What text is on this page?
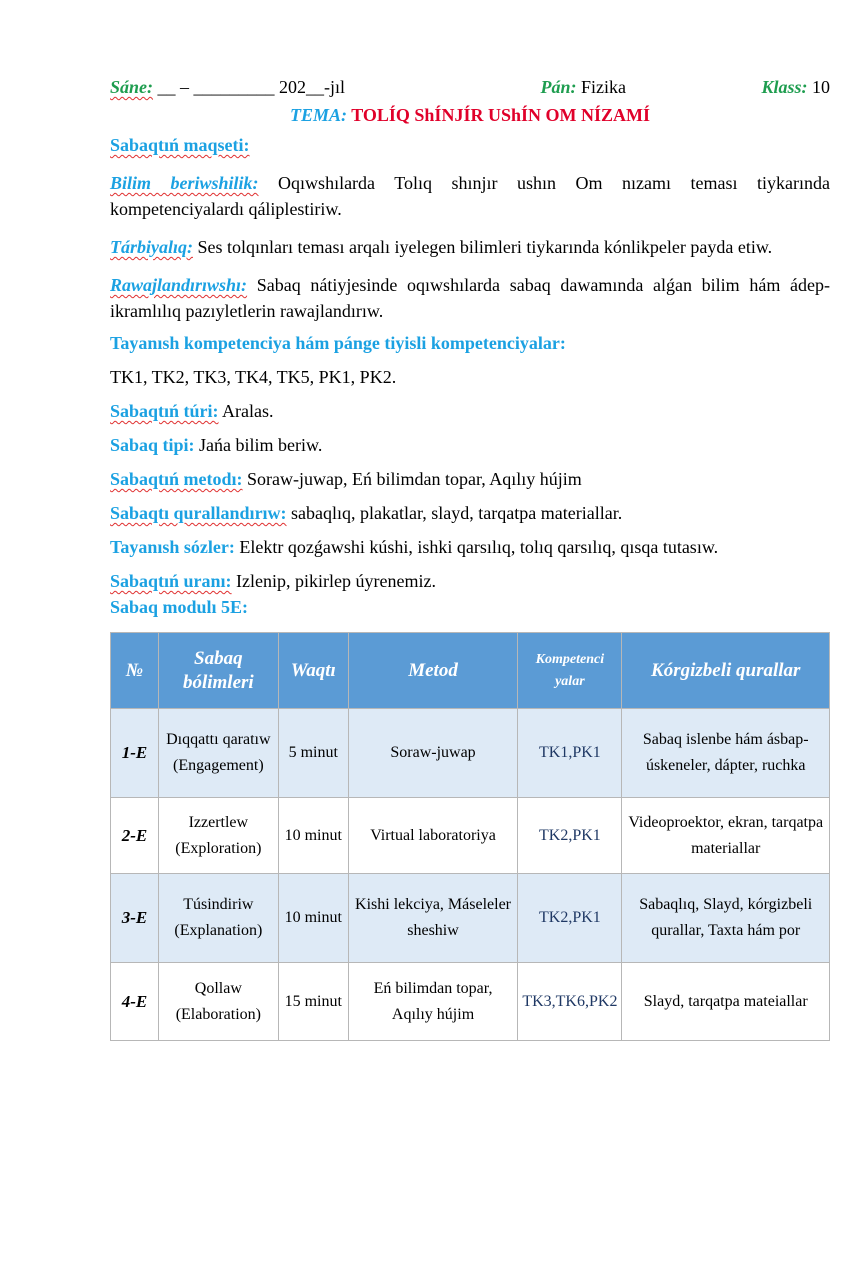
Sáne: __ – _________ 202__-jıl	Pán: Fizika	Klass: 10
TEMA: TOLÍQ ShÍNJÍR UShÍN OM NÍZAMÍ

Sabaqtıń maqseti:

Bilim beriwshilik: Oqıwshılarda Tolıq shınjır ushın Om nızamı teması tiykarında kompetenciyalardı qáliplestiriw.

Tárbiyalıq: Ses tolqınları teması arqalı iyelegen bilimleri tiykarında kónlikpeler payda etiw.

Rawajlandırıwshı: Sabaq nátiyjesinde oqıwshılarda sabaq dawamında alǵan bilim hám ádep-ikramlılıq pazıyletlerin rawajlandırıw.

Tayanısh kompetenciya hám pánge tiyisli kompetenciyalar:

TK1, TK2, TK3, TK4, TK5, PK1, PK2.

Sabaqtıń túri: Aralas.

Sabaq tipi: Jańa bilim beriw.

Sabaqtıń metodı: Soraw-juwap, Eń bilimdan topar, Aqılıy hújim

Sabaqtı qurallandırıw: sabaqlıq, plakatlar, slayd, tarqatpa materiallar.

Tayanısh sózler: Elektr qozǵawshi kúshi, ishki qarsılıq, tolıq qarsılıq, qısqa tutasıw.

Sabaqtıń uranı: Izlenip, pikirlep úyrenemiz.

Sabaq modulı 5E:

№	Sabaq bólimleri	Waqtı	Metod	Kompetenci yalar	Kórgizbeli qurallar
1-E	Dıqqattı qaratıw (Engagement)	5 minut	Soraw-juwap	TK1,PK1	Sabaq islenbe hám ásbap-úskeneler, dápter, ruchka
2-E	Izzertlew (Exploration)	10 minut	Virtual laboratoriya	TK2,PK1	Videoproektor, ekran, tarqatpa materiallar
3-E	Túsindiriw (Explanation)	10 minut	Kishi lekciya, Máseleler sheshiw	TK2,PK1	Sabaqlıq, Slayd, kórgizbeli qurallar, Taxta hám por
4-E	Qollaw (Elaboration)	15 minut	Eń bilimdan topar, Aqılıy hújim	TK3,TK6,PK2	Slayd, tarqatpa mateiallar
